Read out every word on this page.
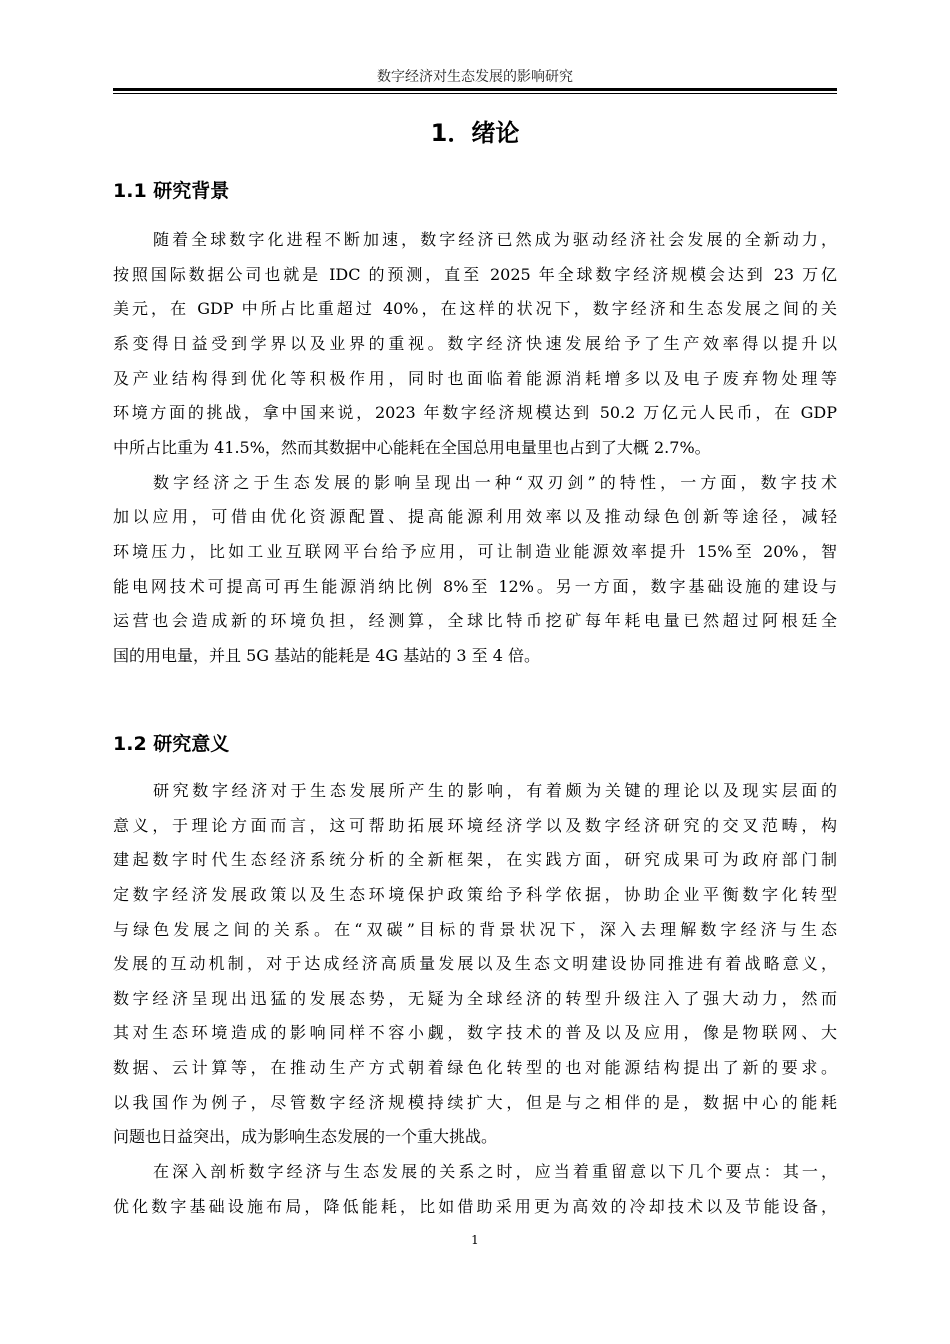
数字经济对生态发展的影响研究
1．绪论
1.1 研究背景
随着全球数字化进程不断加速，数字经济已然成为驱动经济社会发展的全新动力，
按照国际数据公司也就是 IDC 的预测，直至 2025 年全球数字经济规模会达到 23 万亿
美元，在 GDP 中所占比重超过 40%，在这样的状况下，数字经济和生态发展之间的关
系变得日益受到学界以及业界的重视。数字经济快速发展给予了生产效率得以提升以
及产业结构得到优化等积极作用，同时也面临着能源消耗增多以及电子废弃物处理等
环境方面的挑战，拿中国来说，2023 年数字经济规模达到 50.2 万亿元人民币，在 GDP
中所占比重为 41.5%，然而其数据中心能耗在全国总用电量里也占到了大概 2.7%。
数字经济之于生态发展的影响呈现出一种“双刃剑”的特性，一方面，数字技术
加以应用，可借由优化资源配置、提高能源利用效率以及推动绿色创新等途径，减轻
环境压力，比如工业互联网平台给予应用，可让制造业能源效率提升 15%至 20%，智
能电网技术可提高可再生能源消纳比例 8%至 12%。另一方面，数字基础设施的建设与
运营也会造成新的环境负担，经测算，全球比特币挖矿每年耗电量已然超过阿根廷全
国的用电量，并且 5G 基站的能耗是 4G 基站的 3 至 4 倍。
1.2 研究意义
研究数字经济对于生态发展所产生的影响，有着颇为关键的理论以及现实层面的
意义，于理论方面而言，这可帮助拓展环境经济学以及数字经济研究的交叉范畴，构
建起数字时代生态经济系统分析的全新框架，在实践方面，研究成果可为政府部门制
定数字经济发展政策以及生态环境保护政策给予科学依据，协助企业平衡数字化转型
与绿色发展之间的关系。在“双碳”目标的背景状况下，深入去理解数字经济与生态
发展的互动机制，对于达成经济高质量发展以及生态文明建设协同推进有着战略意义，
数字经济呈现出迅猛的发展态势，无疑为全球经济的转型升级注入了强大动力，然而
其对生态环境造成的影响同样不容小觑，数字技术的普及以及应用，像是物联网、大
数据、云计算等，在推动生产方式朝着绿色化转型的也对能源结构提出了新的要求。
以我国作为例子，尽管数字经济规模持续扩大，但是与之相伴的是，数据中心的能耗
问题也日益突出，成为影响生态发展的一个重大挑战。
在深入剖析数字经济与生态发展的关系之时，应当着重留意以下几个要点：其一，
优化数字基础设施布局，降低能耗，比如借助采用更为高效的冷却技术以及节能设备，
1
